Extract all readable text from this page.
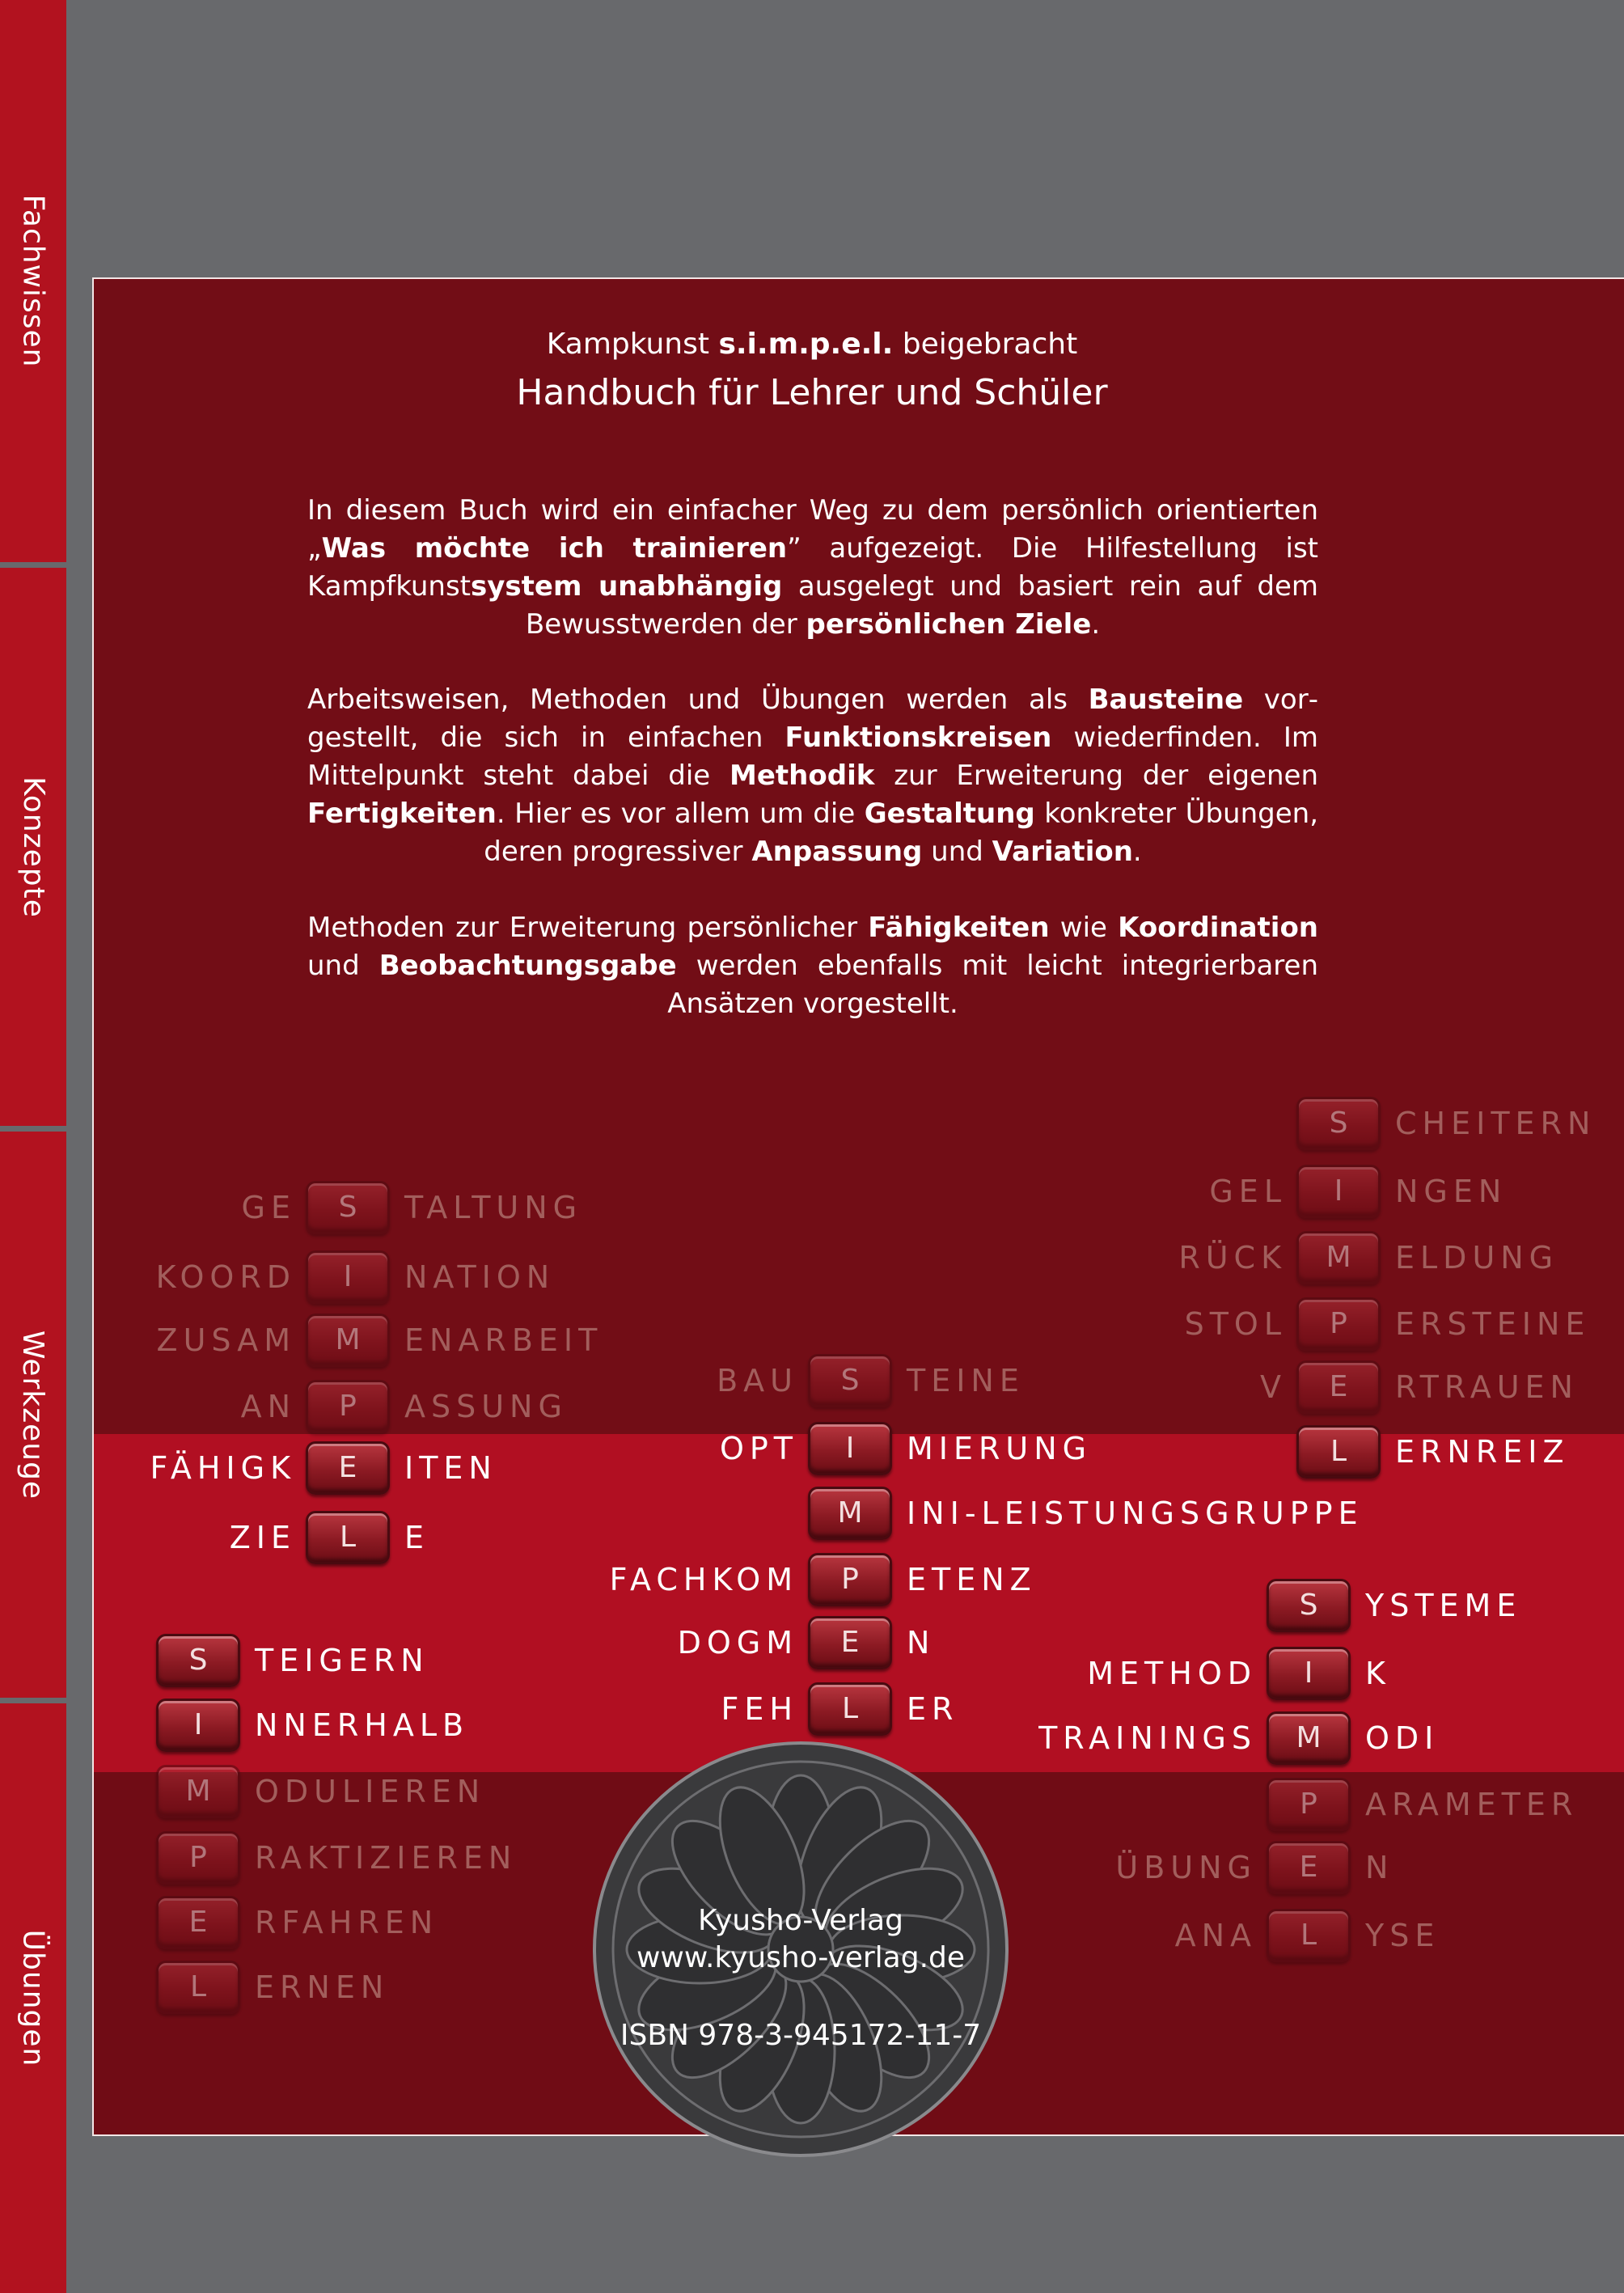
Fachwissen
Konzepte
Werkzeuge
Übungen
Kampkunst s.i.m.p.e.l. beigebracht
Handbuch für Lehrer und Schüler
In diesem Buch wird ein einfacher Weg zu dem persönlich orientierten „Was möchte ich trainieren” aufgezeigt. Die Hilfestellung ist Kampfkunstsystem unabhängig ausgelegt und basiert rein auf dem Bewusstwerden der persönlichen Ziele.
Arbeitsweisen, Methoden und Übungen werden als Bausteine vorgestellt, die sich in einfachen Funktionskreisen wiederfinden. Im Mittelpunkt steht dabei die Methodik zur Erweiterung der eigenen Fertigkeiten. Hier es vor allem um die Gestaltung konkreter Übungen, deren progressiver Anpassung und Variation.
Methoden zur Erweiterung persönlicher Fähigkeiten wie Koordination und Beobachtungsgabe werden ebenfalls mit leicht integrierbaren Ansätzen vorgestellt.
GE	S	TALTUNG
KOORD	I	NATION
ZUSAM	M	ENARBEIT
AN	P	ASSUNG
FÄHIGK	E	ITEN
ZIE	L	E
BAU	S	TEINE
OPT	I	MIERUNG
M	INI-LEISTUNGSGRUPPE
FACHKOM	P	ETENZ
DOGM	E	N
FEH	L	ER
S	CHEITERN
GEL	I	NGEN
RÜCK	M	ELDUNG
STOL	P	ERSTEINE
V	E	RTRAUEN
L	ERNREIZ
S	TEIGERN
I	NNERHALB
M	ODULIEREN
P	RAKTIZIEREN
E	RFAHREN
L	ERNEN
S	YSTEME
METHOD	I	K
TRAININGS	M	ODI
P	ARAMETER
ÜBUNG	E	N
ANA	L	YSE
Kyusho-Verlag
www.kyusho-verlag.de
ISBN 978-3-945172-11-7
